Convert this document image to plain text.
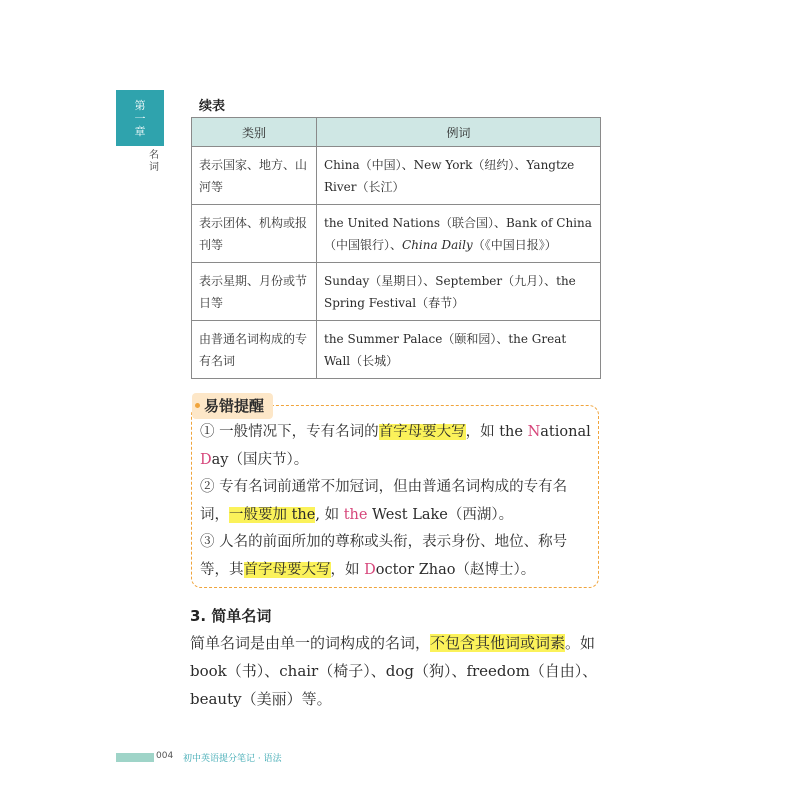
第
一
章
名
词
续表
类别	例词
表示国家、地方、山河等	China（中国）、New York（纽约）、Yangtze River（长江）
表示团体、机构或报刊等	the United Nations（联合国）、Bank of China（中国银行）、China Daily（《中国日报》）
表示星期、月份或节日等	Sunday（星期日）、September（九月）、the Spring Festival（春节）
由普通名词构成的专有名词	the Summer Palace（颐和园）、the Great Wall（长城）
易错提醒

① 一般情况下，专有名词的首字母要大写，如 the National Day（国庆节）。

② 专有名词前通常不加冠词，但由普通名词构成的专有名词，一般要加 the, 如 the West Lake（西湖）。

③ 人名的前面所加的尊称或头衔，表示身份、地位、称号等，其首字母要大写，如 Doctor Zhao（赵博士）。

3. 简单名词

简单名词是由单一的词构成的名词，不包含其他词或词素。如 book（书）、chair（椅子）、dog（狗）、freedom（自由）、beauty（美丽）等。

004 初中英语提分笔记 · 语法
